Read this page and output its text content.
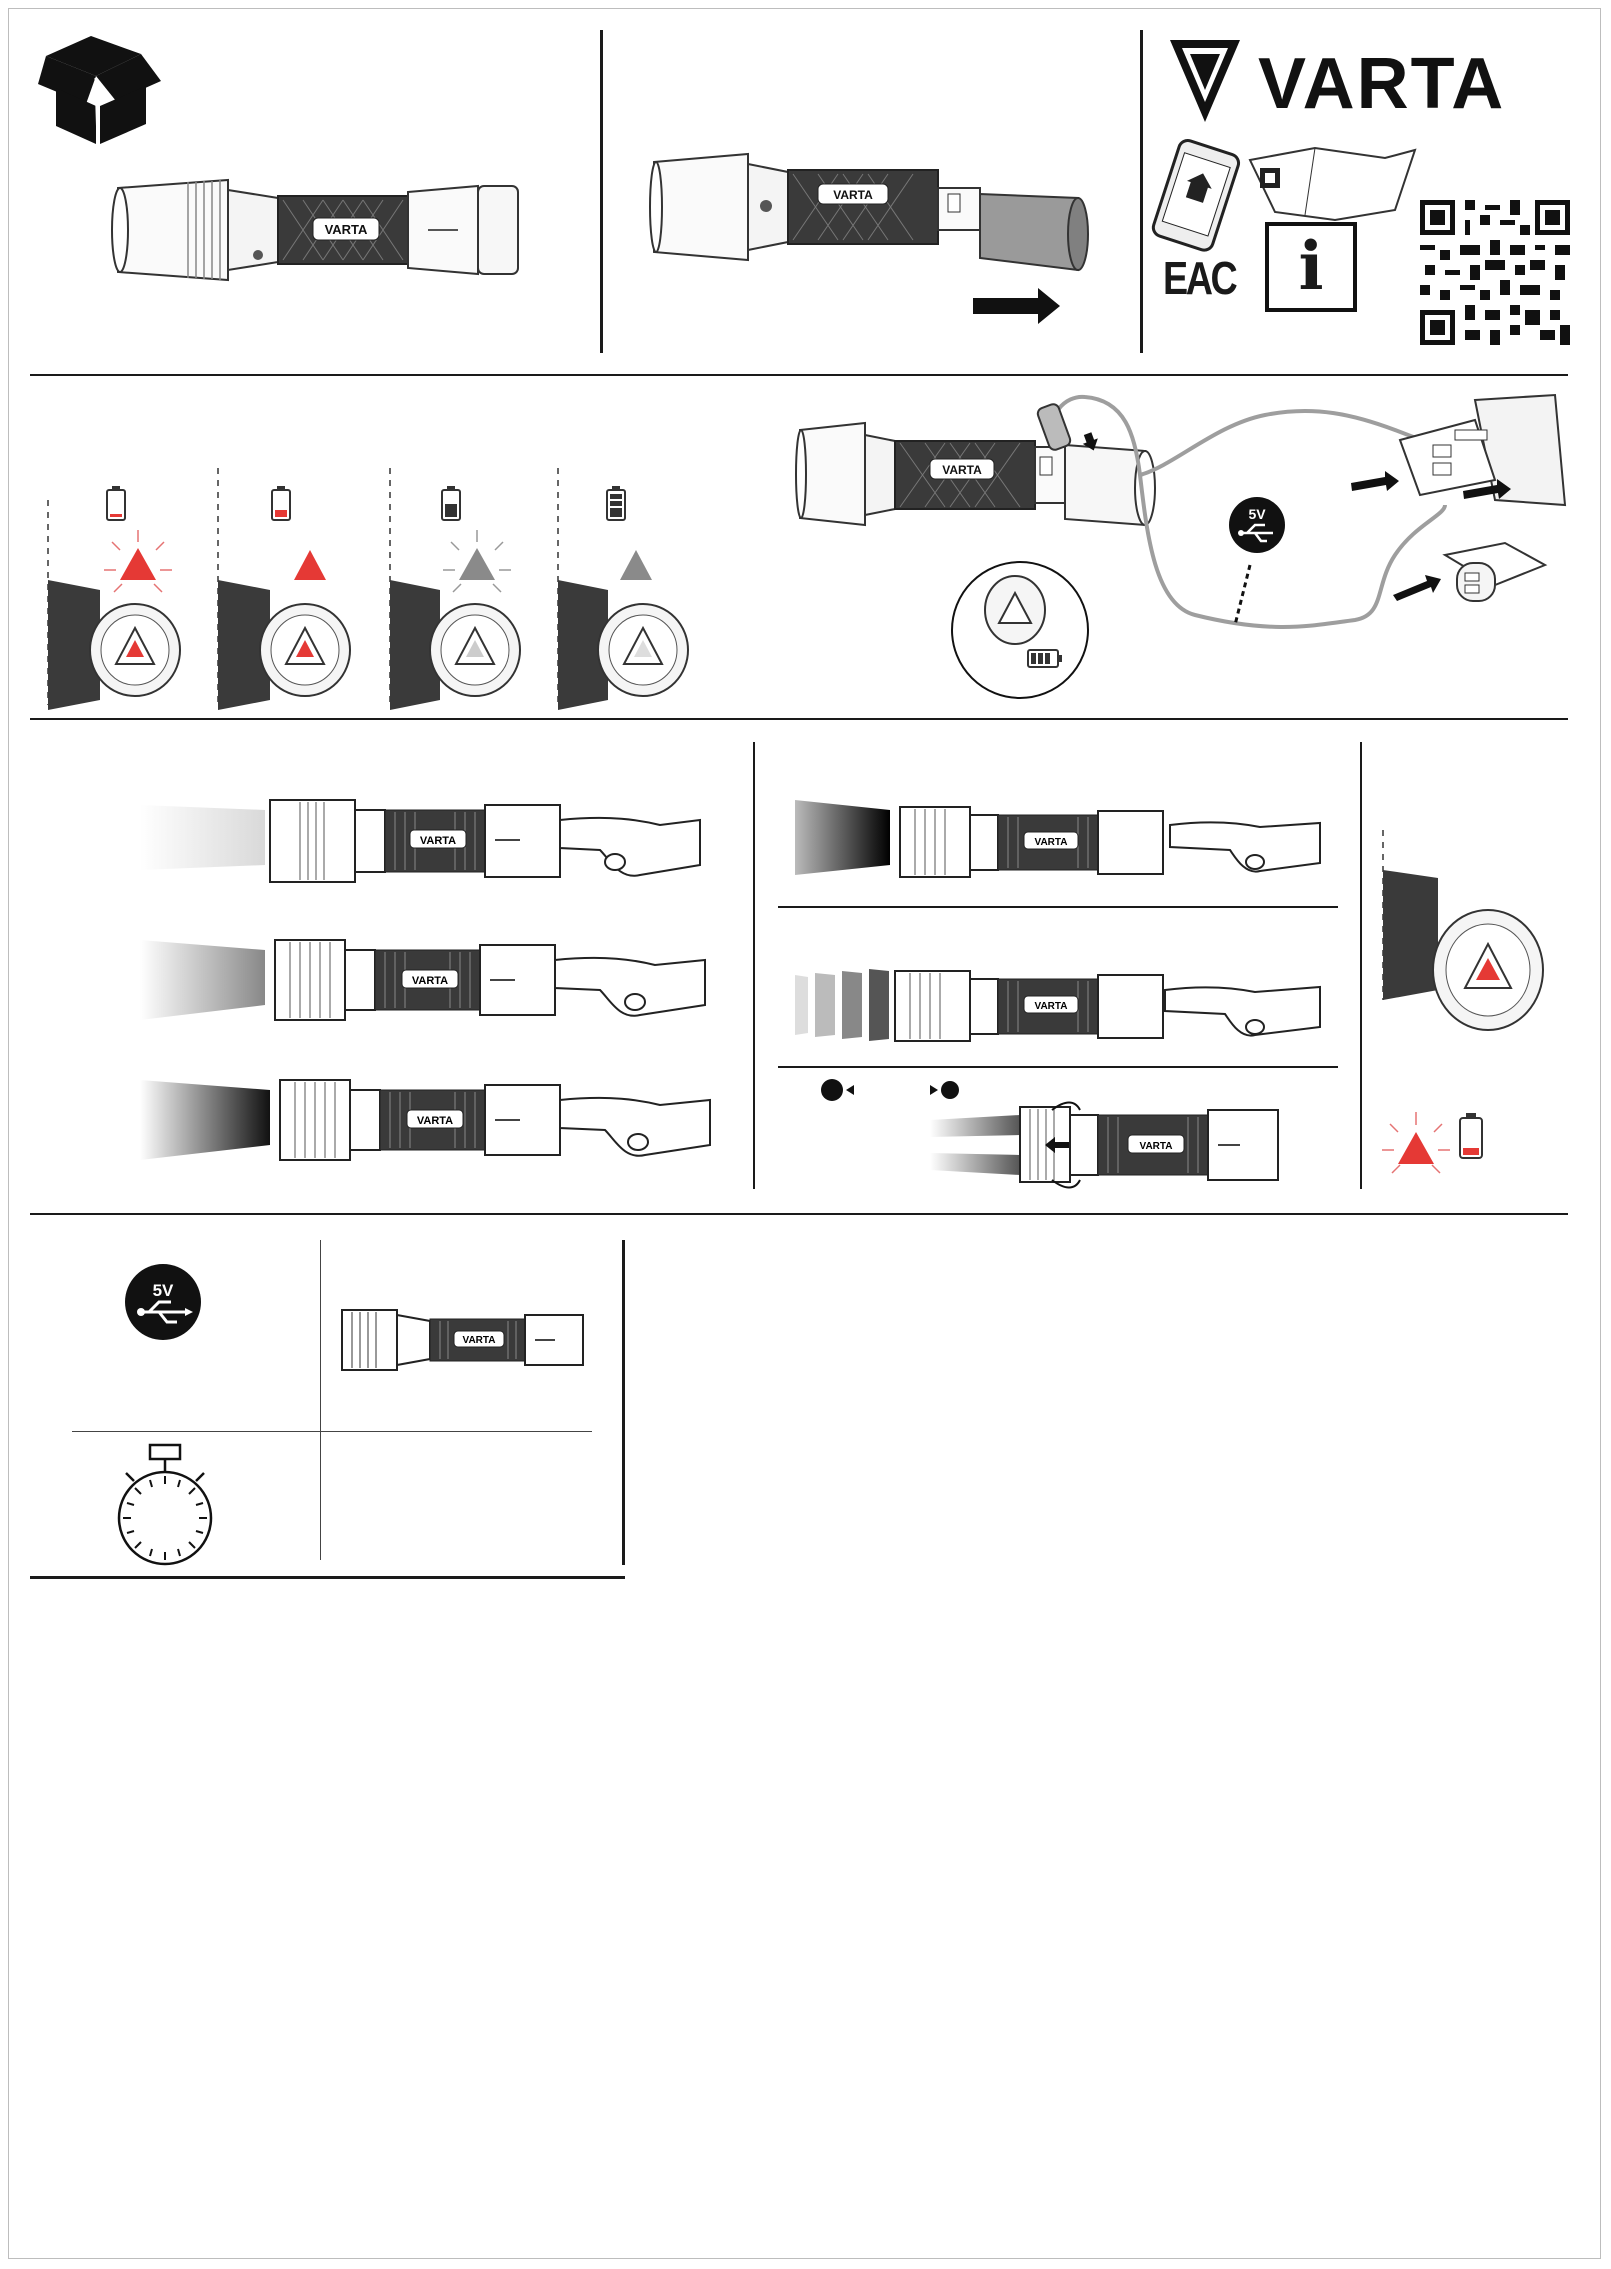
VARTA
VARTA
VARTA
EAC i
VARTA
5V
VARTA
VARTA
VARTA
VARTA
VARTA
VARTA
5V
VARTA
